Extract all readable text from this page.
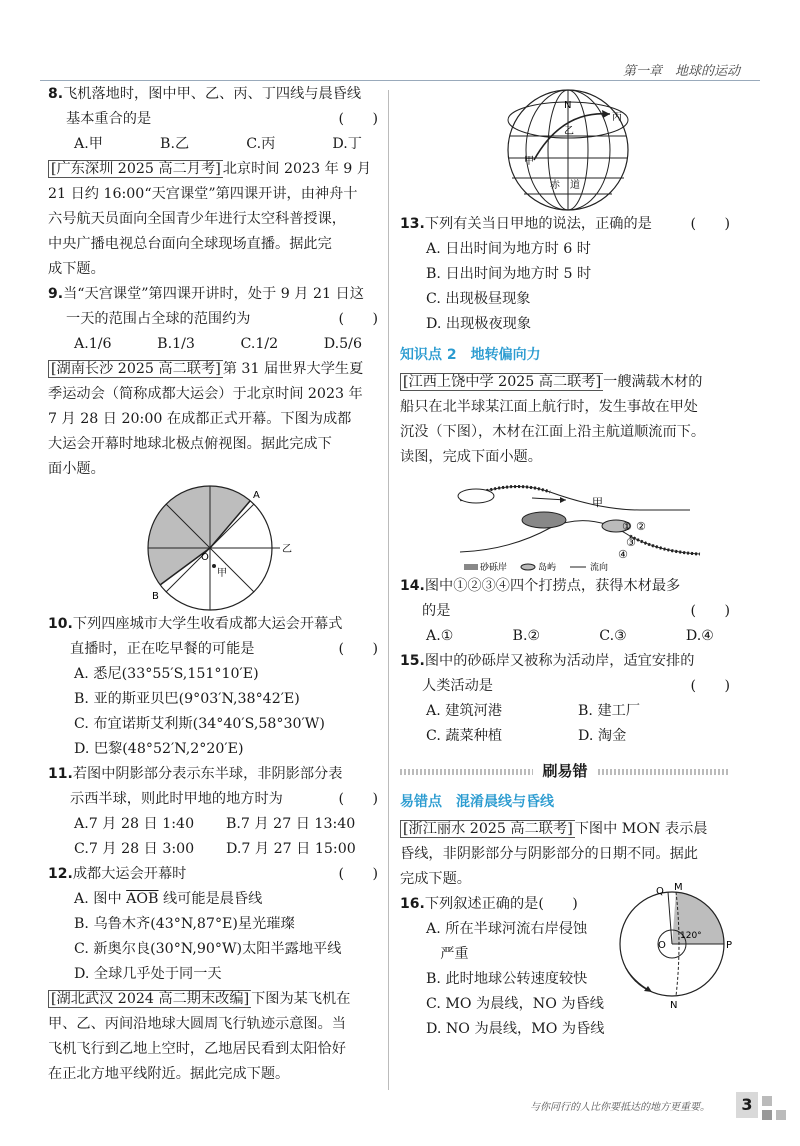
第一章　 地球的运动

8.飞机落地时，图中甲、乙、丙、丁四线与晨昏线

基本重合的是	(　　)

A.甲	B.乙	C.丙	D.丁
[广东深圳 2025 高二月考] 北京时间 2023 年 9 月
21 日约 16:00“天宫课堂”第四课开讲，由神舟十
六号航天员面向全国青少年进行太空科普授课，
中央广播电视总台面向全球现场直播。据此完
成下题。

9.当“天宫课堂”第四课开讲时，处于 9 月 21 日这

一天的范围占全球的范围约为	(　　)

A.1/6	B.1/3	C.1/2	D.5/6
[湖南长沙 2025 高二联考] 第 31 届世界大学生夏
季运动会（简称成都大运会）于北京时间 2023 年
7 月 28 日 20:00 在成都正式开幕。下图为成都
大运会开幕时地球北极点俯视图。据此完成下
面小题。
A
B
O
乙
甲

10.下列四座城市大学生收看成都大运会开幕式

直播时，正在吃早餐的可能是	(　　)

A. 悉尼(33°55′S,151°10′E)

B. 亚的斯亚贝巴(9°03′N,38°42′E)

C. 布宜诺斯艾利斯(34°40′S,58°30′W)

D. 巴黎(48°52′N,2°20′E)

11.若图中阴影部分表示东半球，非阴影部分表

示西半球，则此时甲地的地方时为	(　　)

A.7 月 28 日 1:40	B.7 月 27 日 13:40
C.7 月 28 日 3:00	D.7 月 27 日 15:00

12.成都大运会开幕时	(　　)

A. 图中 $\overline{AOB}$ 线可能是晨昏线

B. 乌鲁木齐(43°N,87°E)星光璀璨

C. 新奥尔良(30°N,90°W)太阳半露地平线

D. 全球几乎处于同一天

[湖北武汉 2024 高二期末改编] 下图为某飞机在
甲、乙、丙间沿地球大圆周飞行轨迹示意图。当
飞机飞行到乙地上空时，乙地居民看到太阳恰好
在正北方地平线附近。据此完成下题。
N
丙
乙
甲
赤　道

13.下列有关当日甲地的说法，正确的是	(　　)

A. 日出时间为地方时 6 时

B. 日出时间为地方时 5 时

C. 出现极昼现象

D. 出现极夜现象

知识点 2　地转偏向力
[江西上饶中学 2025 高二联考] 一艘满载木材的
船只在北半球某江面上航行时，发生事故在甲处
沉没（下图），木材在江面上沿主航道顺流而下。
读图，完成下面小题。
甲
① ②
③
④
砂砾岸	岛屿	流向

14.图中①②③④四个打捞点，获得木材最多

的是	(　　)

A.①	B.②	C.③	D.④

15.图中的砂砾岸又被称为活动岸，适宜安排的

人类活动是	(　　)

A. 建筑河港	B. 建工厂
C. 蔬菜种植	D. 淘金
刷易错
易错点　混淆晨线与昏线
[浙江丽水 2025 高二联考] 下图中 MON 表示晨
昏线，非阴影部分与阴影部分的日期不同。据此
完成下题。
Q M
O	P
N
120°

16.下列叙述正确的是(　　)

A. 所在半球河流右岸侵蚀

　严重

B. 此时地球公转速度较快

C. MO 为晨线，NO 为昏线

D. NO 为晨线，MO 为昏线

与你同行的人比你要抵达的地方更重要。	3
